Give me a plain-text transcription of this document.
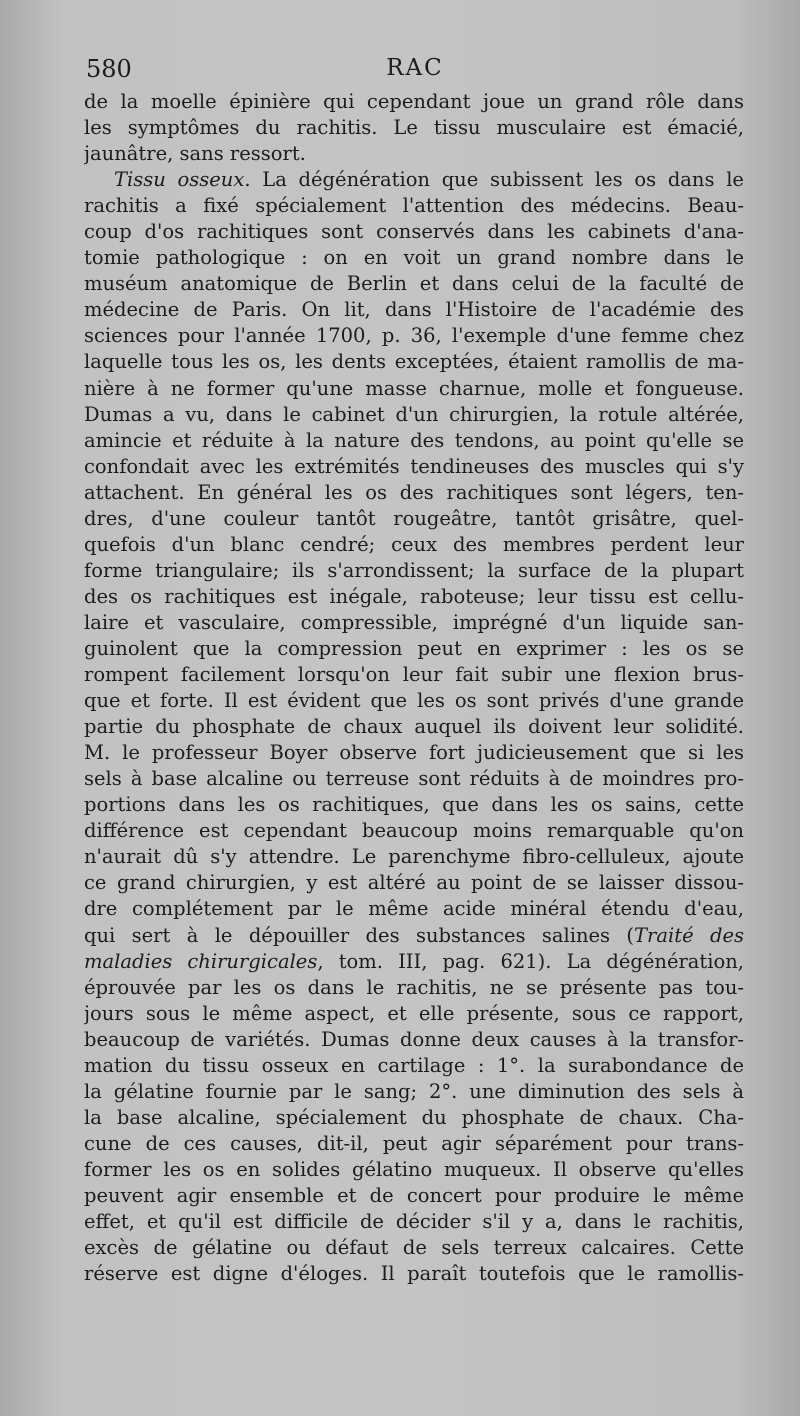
580	RAC
de la moelle épinière qui cependant joue un grand rôle dans
les symptômes du rachitis. Le tissu musculaire est émacié,
jaunâtre, sans ressort.
Tissu osseux. La dégénération que subissent les os dans le
rachitis a fixé spécialement l'attention des médecins. Beau-
coup d'os rachitiques sont conservés dans les cabinets d'ana-
tomie pathologique : on en voit un grand nombre dans le
muséum anatomique de Berlin et dans celui de la faculté de
médecine de Paris. On lit, dans l'Histoire de l'académie des
sciences pour l'année 1700, p. 36, l'exemple d'une femme chez
laquelle tous les os, les dents exceptées, étaient ramollis de ma-
nière à ne former qu'une masse charnue, molle et fongueuse.
Dumas a vu, dans le cabinet d'un chirurgien, la rotule altérée,
amincie et réduite à la nature des tendons, au point qu'elle se
confondait avec les extrémités tendineuses des muscles qui s'y
attachent. En général les os des rachitiques sont légers, ten-
dres, d'une couleur tantôt rougeâtre, tantôt grisâtre, quel-
quefois d'un blanc cendré; ceux des membres perdent leur
forme triangulaire; ils s'arrondissent; la surface de la plupart
des os rachitiques est inégale, raboteuse; leur tissu est cellu-
laire et vasculaire, compressible, imprégné d'un liquide san-
guinolent que la compression peut en exprimer : les os se
rompent facilement lorsqu'on leur fait subir une flexion brus-
que et forte. Il est évident que les os sont privés d'une grande
partie du phosphate de chaux auquel ils doivent leur solidité.
M. le professeur Boyer observe fort judicieusement que si les
sels à base alcaline ou terreuse sont réduits à de moindres pro-
portions dans les os rachitiques, que dans les os sains, cette
différence est cependant beaucoup moins remarquable qu'on
n'aurait dû s'y attendre. Le parenchyme fibro-celluleux, ajoute
ce grand chirurgien, y est altéré au point de se laisser dissou-
dre complétement par le même acide minéral étendu d'eau,
qui sert à le dépouiller des substances salines (Traité des
maladies chirurgicales, tom. III, pag. 621). La dégénération,
éprouvée par les os dans le rachitis, ne se présente pas tou-
jours sous le même aspect, et elle présente, sous ce rapport,
beaucoup de variétés. Dumas donne deux causes à la transfor-
mation du tissu osseux en cartilage : 1°. la surabondance de
la gélatine fournie par le sang; 2°. une diminution des sels à
la base alcaline, spécialement du phosphate de chaux. Cha-
cune de ces causes, dit-il, peut agir séparément pour trans-
former les os en solides gélatino muqueux. Il observe qu'elles
peuvent agir ensemble et de concert pour produire le même
effet, et qu'il est difficile de décider s'il y a, dans le rachitis,
excès de gélatine ou défaut de sels terreux calcaires. Cette
réserve est digne d'éloges. Il paraît toutefois que le ramollis-
